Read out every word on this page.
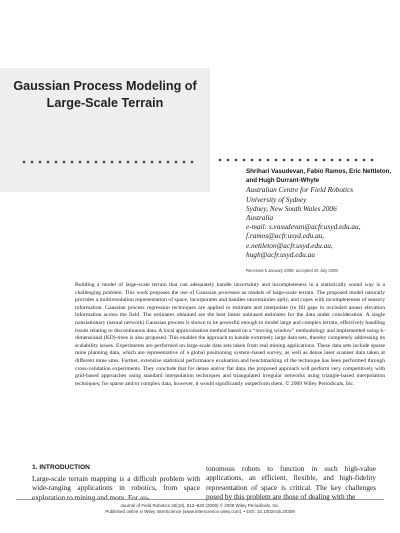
Gaussian Process Modeling of Large-Scale Terrain
Shrihari Vasudevan, Fabio Ramos, Eric Nettleton, and Hugh Durrant-Whyte
Australian Centre for Field Robotics
University of Sydney
Sydney, New South Wales 2006
Australia
e-mail: s.vasudevan@acfr.usyd.edu.au,
f.ramos@acfr.usyd.edu.au,
e.nettleton@acfr.usyd.edu.au,
hugh@acfr.usyd.edu.au
Received 5 January 2009; accepted 26 July 2009

Building a model of large-scale terrain that can adequately handle uncertainty and incompleteness in a statistically sound way is a challenging problem. This work proposes the use of Gaussian processes as models of large-scale terrain. The proposed model naturally provides a multiresolution representation of space, incorporates and handles uncertainties aptly, and copes with incompleteness of sensory information. Gaussian process regression techniques are applied to estimate and interpolate (to fill gaps in occluded areas) elevation information across the field. The estimates obtained are the best linear unbiased estimates for the data under consideration. A single nonstationary (neural network) Gaussian process is shown to be powerful enough to model large and complex terrain, effectively handling issues relating to discontinuous data. A local approximation method based on a “moving window” methodology and implemented using k-dimensional (KD)-trees is also proposed. This enables the approach to handle extremely large data sets, thereby completely addressing its scalability issues. Experiments are performed on large-scale data sets taken from real mining applications. These data sets include sparse mine planning data, which are representative of a global positioning system–based survey, as well as dense laser scanner data taken at different mine sites. Further, extensive statistical performance evaluation and benchmarking of the technique has been performed through cross-validation experiments. They conclude that for dense and/or flat data, the proposed approach will perform very competitively with grid-based approaches using standard interpolation techniques and triangulated irregular networks using triangle-based interpolation techniques; for sparse and/or complex data, however, it would significantly outperform them. © 2009 Wiley Periodicals, Inc.

1. INTRODUCTION

Large-scale terrain mapping is a difficult problem with wide-ranging applications in robotics, from space exploration to mining and more. For au-

tonomous robots to function in such high-value applications, an efficient, flexible, and high-fidelity representation of space is critical. The key challenges posed by this problem are those of dealing with the

Journal of Field Robotics 26(10), 812–840 (2009) © 2009 Wiley Periodicals, Inc.
Published online in Wiley InterScience (www.interscience.wiley.com). • DOI: 10.1002/rob.20309
